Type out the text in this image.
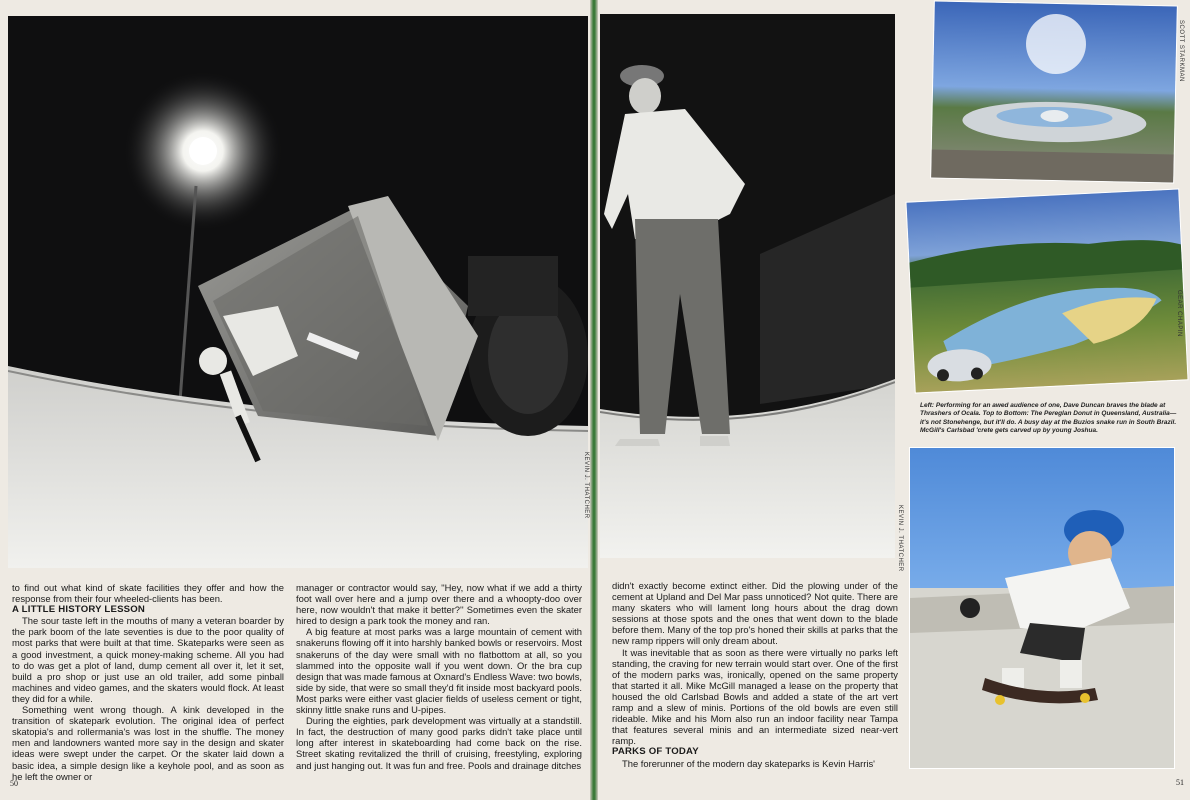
to find out what kind of skate facilities they offer and how the response from their four wheeled-clients has been.

A LITTLE HISTORY LESSON

The sour taste left in the mouths of many a veteran boarder by the park boom of the late seventies is due to the poor quality of most parks that were built at that time. Skateparks were seen as a good investment, a quick money-making scheme. All you had to do was get a plot of land, dump cement all over it, let it set, build a pro shop or just use an old trailer, add some pinball machines and video games, and the skaters would flock. At least they did for a while.

Something went wrong though. A kink developed in the transition of skatepark evolution. The original idea of perfect skatopia's and rollermania's was lost in the shuffle. The money men and landowners wanted more say in the design and skater ideas were swept under the carpet. Or the skater laid down a basic idea, a simple design like a keyhole pool, and as soon as he left the owner or

manager or contractor would say, ''Hey, now what if we add a thirty foot wall over here and a jump over there and a whoopty-doo over here, now wouldn't that make it better?'' Sometimes even the skater hired to design a park took the money and ran.

A big feature at most parks was a large mountain of cement with snakeruns flowing off it into harshly banked bowls or reservoirs. Most snakeruns of the day were small with no flatbottom at all, so you slammed into the opposite wall if you went down. Or the bra cup design that was made famous at Oxnard's Endless Wave: two bowls, side by side, that were so small they'd fit inside most backyard pools. Most parks were either vast glacier fields of useless cement or tight, skinny little snake runs and U-pipes.

During the eighties, park development was virtually at a standstill. In fact, the destruction of many good parks didn't take place until long after interest in skateboarding had come back on the rise. Street skating revitalized the thrill of cruising, freestyling, exploring and just hanging out. It was fun and free. Pools and drainage ditches

50
KEVIN J. THATCHER
SCOTT STARKMAN
GEAR CHAPIN
Left: Performing for an awed audience of one, Dave Duncan braves the blade at Thrashers of Ocala. Top to Bottom: The Pereglan Donut in Queensland, Australia—it's not Stonehenge, but it'll do. A busy day at the Buzios snake run in South Brazil. McGill's Carlsbad 'crete gets carved up by young Joshua.

didn't exactly become extinct either. Did the plowing under of the cement at Upland and Del Mar pass unnoticed? Not quite. There are many skaters who will lament long hours about the drag down sessions at those spots and the ones that went down to the blade before them. Many of the top pro's honed their skills at parks that the new ramp rippers will only dream about.

It was inevitable that as soon as there were virtually no parks left standing, the craving for new terrain would start over. One of the first of the modern parks was, ironically, opened on the same property that started it all. Mike McGill managed a lease on the property that housed the old Carlsbad Bowls and added a state of the art vert ramp and a slew of minis. Portions of the old bowls are even still rideable. Mike and his Mom also run an indoor facility near Tampa that features several minis and an intermediate sized near-vert ramp.

PARKS OF TODAY

The forerunner of the modern day skateparks is Kevin Harris'

51
KEVIN J. THATCHER
